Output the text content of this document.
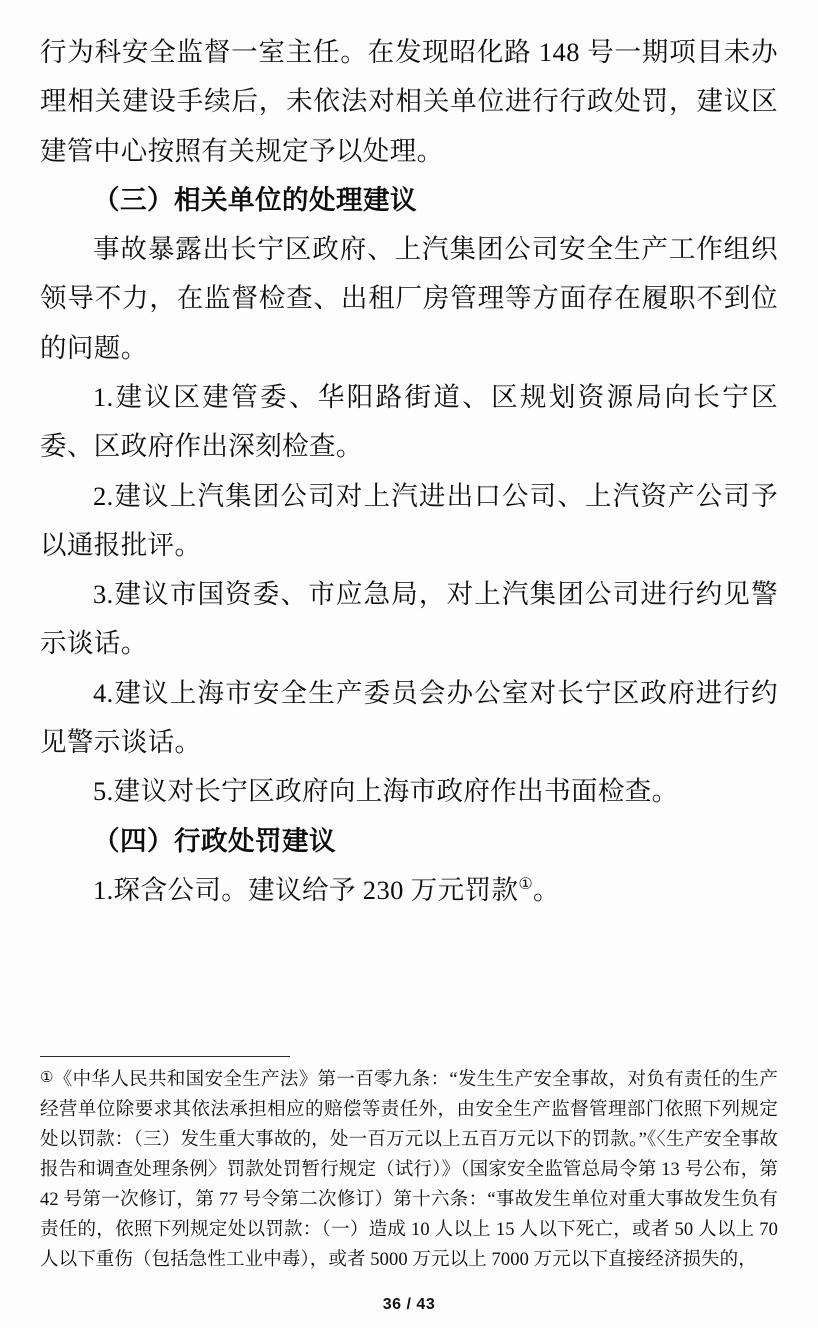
行为科安全监督一室主任。在发现昭化路 148 号一期项目未办理相关建设手续后，未依法对相关单位进行行政处罚，建议区建管中心按照有关规定予以处理。

（三）相关单位的处理建议

事故暴露出长宁区政府、上汽集团公司安全生产工作组织领导不力，在监督检查、出租厂房管理等方面存在履职不到位的问题。

1.建议区建管委、华阳路街道、区规划资源局向长宁区委、区政府作出深刻检查。

2.建议上汽集团公司对上汽进出口公司、上汽资产公司予以通报批评。

3.建议市国资委、市应急局，对上汽集团公司进行约见警示谈话。

4.建议上海市安全生产委员会办公室对长宁区政府进行约见警示谈话。

5.建议对长宁区政府向上海市政府作出书面检查。

（四）行政处罚建议

1.琛含公司。建议给予 230 万元罚款①。

①《中华人民共和国安全生产法》第一百零九条：“发生生产安全事故，对负有责任的生产经营单位除要求其依法承担相应的赔偿等责任外，由安全生产监督管理部门依照下列规定处以罚款：（三）发生重大事故的，处一百万元以上五百万元以下的罚款。”《〈生产安全事故报告和调查处理条例〉罚款处罚暂行规定（试行）》（国家安全监管总局令第 13 号公布，第 42 号第一次修订，第 77 号令第二次修订）第十六条：“事故发生单位对重大事故发生负有责任的，依照下列规定处以罚款：（一）造成 10 人以上 15 人以下死亡，或者 50 人以上 70 人以下重伤（包括急性工业中毒），或者 5000 万元以上 7000 万元以下直接经济损失的，
36 / 43
